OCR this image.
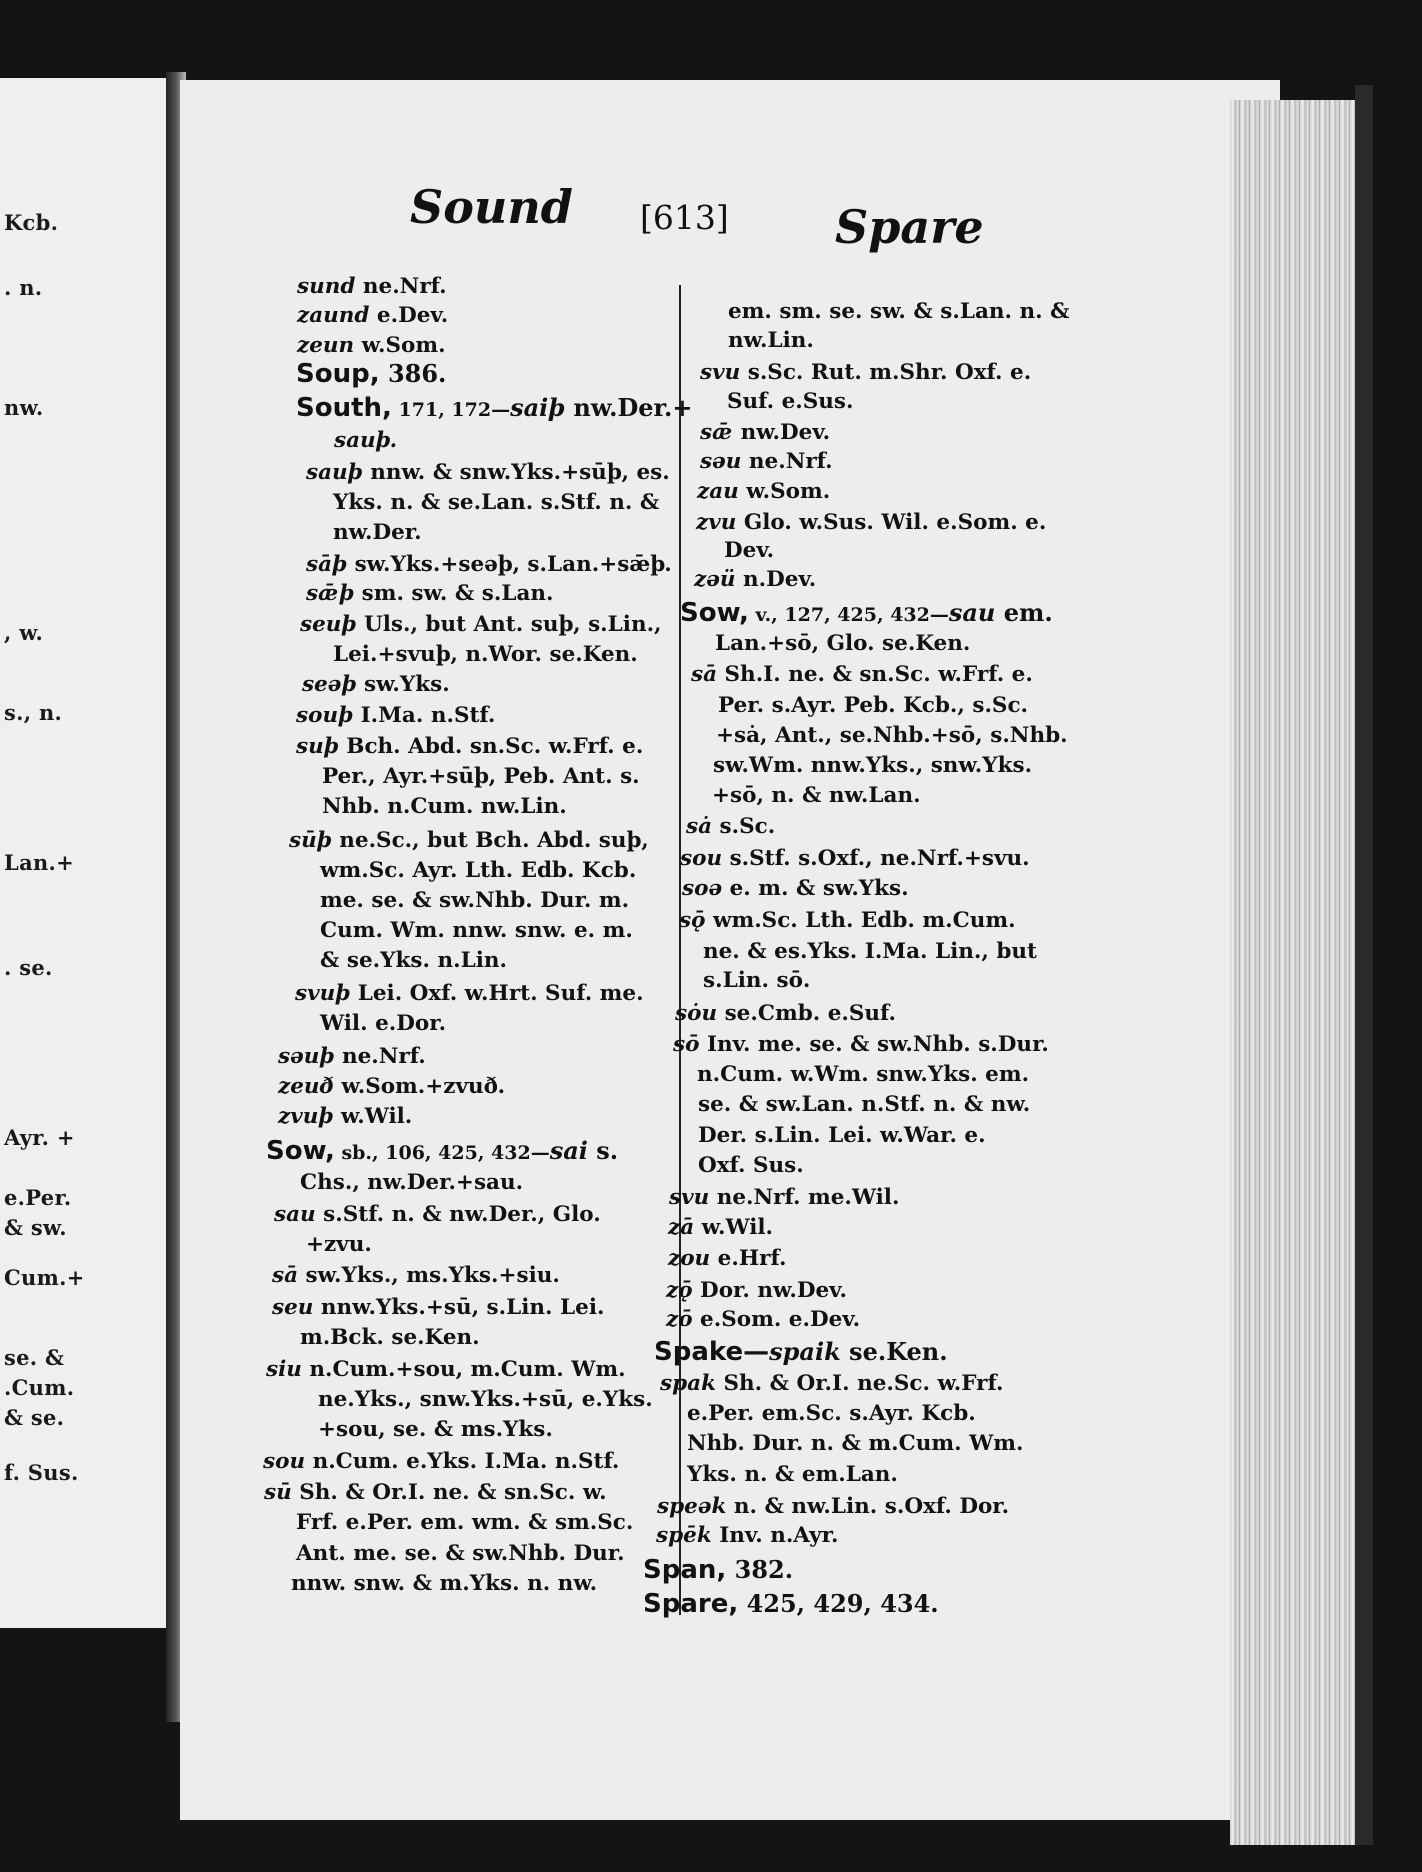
Kcb.
. n.
nw.
, w.
s., n.
Lan.+
. se.
Ayr. +
e.Per.
& sw.
Cum.+
se. &
.Cum.
& se.
f. Sus.
Sound [613] Spare
sund ne.Nrf.
zaund e.Dev.
zeun w.Som.
Soup, 386.
South, 171, 172—saiþ nw.Der.+
sauþ.
sauþ nnw. & snw.Yks.+sūþ, es.
Yks. n. & se.Lan. s.Stf. n. &
nw.Der.
sāþ sw.Yks.+seəþ, s.Lan.+sǣþ.
sǣþ sm. sw. & s.Lan.
seuþ Uls., but Ant. suþ, s.Lin.,
Lei.+svuþ, n.Wor. se.Ken.
seəþ sw.Yks.
souþ I.Ma. n.Stf.
suþ Bch. Abd. sn.Sc. w.Frf. e.
Per., Ayr.+sūþ, Peb. Ant. s.
Nhb. n.Cum. nw.Lin.
sūþ ne.Sc., but Bch. Abd. suþ,
wm.Sc. Ayr. Lth. Edb. Kcb.
me. se. & sw.Nhb. Dur. m.
Cum. Wm. nnw. snw. e. m.
& se.Yks. n.Lin.
svuþ Lei. Oxf. w.Hrt. Suf. me.
Wil. e.Dor.
səuþ ne.Nrf.
zeuð w.Som.+zvuð.
zvuþ w.Wil.
Sow, sb., 106, 425, 432—sai s.
Chs., nw.Der.+sau.
sau s.Stf. n. & nw.Der., Glo.
+zvu.
sā sw.Yks., ms.Yks.+siu.
seu nnw.Yks.+sū, s.Lin. Lei.
m.Bck. se.Ken.
siu n.Cum.+sou, m.Cum. Wm.
ne.Yks., snw.Yks.+sū, e.Yks.
+sou, se. & ms.Yks.
sou n.Cum. e.Yks. I.Ma. n.Stf.
sū Sh. & Or.I. ne. & sn.Sc. w.
Frf. e.Per. em. wm. & sm.Sc.
Ant. me. se. & sw.Nhb. Dur.
nnw. snw. & m.Yks. n. nw.
em. sm. se. sw. & s.Lan. n. &
nw.Lin.
svu s.Sc. Rut. m.Shr. Oxf. e.
Suf. e.Sus.
sǣ nw.Dev.
səu ne.Nrf.
zau w.Som.
zvu Glo. w.Sus. Wil. e.Som. e.
Dev.
zəü n.Dev.
Sow, v., 127, 425, 432—sau em.
Lan.+sō, Glo. se.Ken.
sā Sh.I. ne. & sn.Sc. w.Frf. e.
Per. s.Ayr. Peb. Kcb., s.Sc.
+sȧ, Ant., se.Nhb.+sō, s.Nhb.
sw.Wm. nnw.Yks., snw.Yks.
+sō, n. & nw.Lan.
sȧ s.Sc.
sou s.Stf. s.Oxf., ne.Nrf.+svu.
soə e. m. & sw.Yks.
sǭ wm.Sc. Lth. Edb. m.Cum.
ne. & es.Yks. I.Ma. Lin., but
s.Lin. sō.
sȯu se.Cmb. e.Suf.
sō Inv. me. se. & sw.Nhb. s.Dur.
n.Cum. w.Wm. snw.Yks. em.
se. & sw.Lan. n.Stf. n. & nw.
Der. s.Lin. Lei. w.War. e.
Oxf. Sus.
svu ne.Nrf. me.Wil.
zā w.Wil.
zou e.Hrf.
zǭ Dor. nw.Dev.
zō e.Som. e.Dev.
Spake—spaik se.Ken.
spak Sh. & Or.I. ne.Sc. w.Frf.
e.Per. em.Sc. s.Ayr. Kcb.
Nhb. Dur. n. & m.Cum. Wm.
Yks. n. & em.Lan.
speək n. & nw.Lin. s.Oxf. Dor.
spēk Inv. n.Ayr.
Span, 382.
Spare, 425, 429, 434.
